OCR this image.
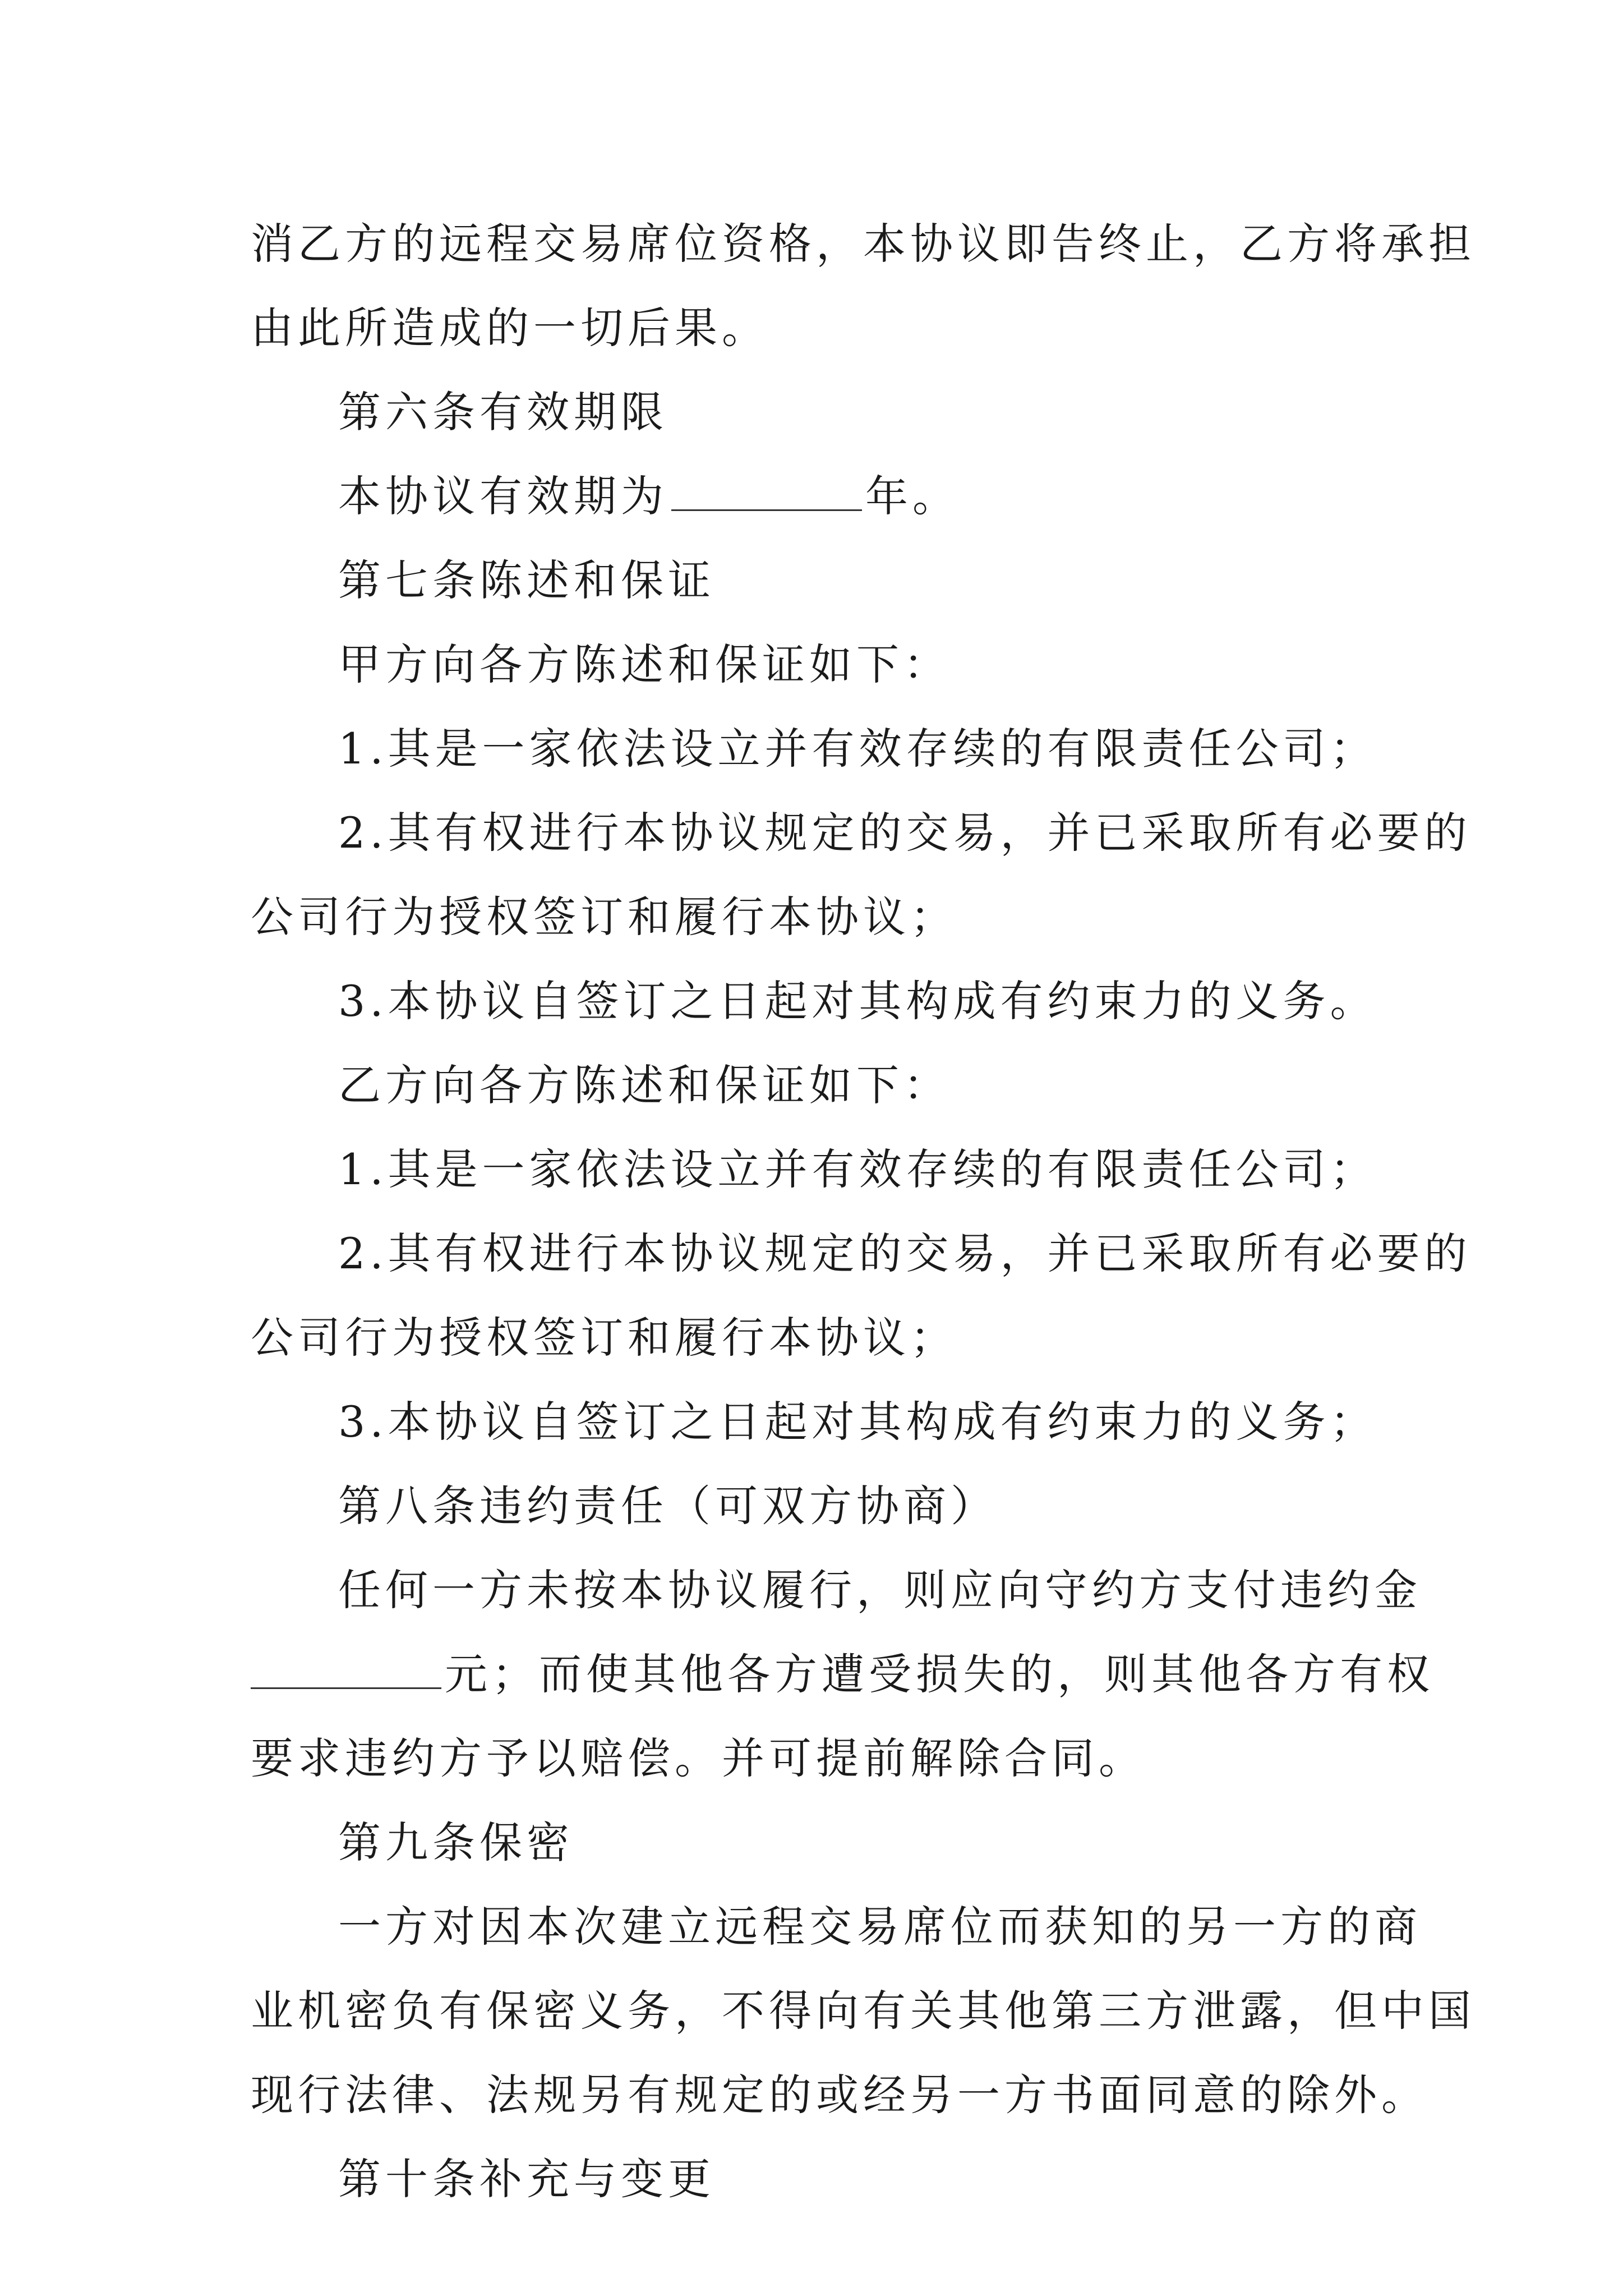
消乙方的远程交易席位资格，本协议即告终止，乙方将承担
由此所造成的一切后果。
第六条有效期限
本协议有效期为	年。
第七条陈述和保证
甲方向各方陈述和保证如下：
1.其是一家依法设立并有效存续的有限责任公司；
2.其有权进行本协议规定的交易，并已采取所有必要的
公司行为授权签订和履行本协议；
3.本协议自签订之日起对其构成有约束力的义务。
乙方向各方陈述和保证如下：
1.其是一家依法设立并有效存续的有限责任公司；
2.其有权进行本协议规定的交易，并已采取所有必要的
公司行为授权签订和履行本协议；
3.本协议自签订之日起对其构成有约束力的义务；
第八条违约责任（可双方协商）
任何一方未按本协议履行，则应向守约方支付违约金
元；而使其他各方遭受损失的，则其他各方有权
要求违约方予以赔偿。并可提前解除合同。
第九条保密
一方对因本次建立远程交易席位而获知的另一方的商
业机密负有保密义务，不得向有关其他第三方泄露，但中国
现行法律、法规另有规定的或经另一方书面同意的除外。
第十条补充与变更
